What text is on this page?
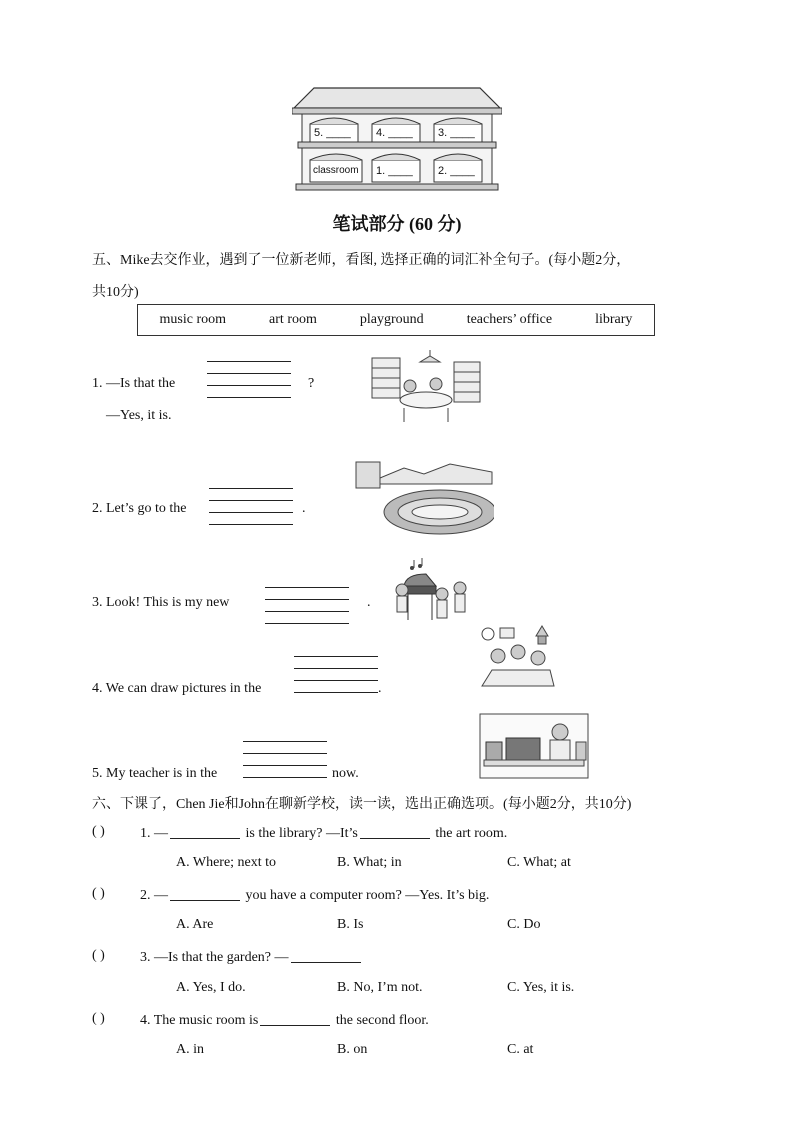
5. ____ 4. ____ 3. ____
classroom 1. ____ 2. ____
笔试部分 (60 分)
五、Mike去交作业，遇到了一位新老师，看图, 选择正确的词汇补全句子。(每小题2分，
共10分)
music room	art room	playground	teachers’ office	library
1. —Is that the	?
—Yes, it is.
2. Let’s go to the	.
3. Look! This is my new	.
4. We can draw pictures in the	.
5. My teacher is in the	now.
六、下课了，Chen Jie和John在聊新学校，读一读，选出正确选项。(每小题2分，共10分)
( )	1. —	is the library? —It’s	the art room.
A. Where; next to	B. What; in	C. What; at
( )	2. —	you have a computer room? —Yes. It’s big.
A. Are	B. Is	C. Do
( )	3. —Is that the garden? —
A. Yes, I do.	B. No, I’m not.	C. Yes, it is.
( )	4. The music room is	the second floor.
A. in	B. on	C. at
